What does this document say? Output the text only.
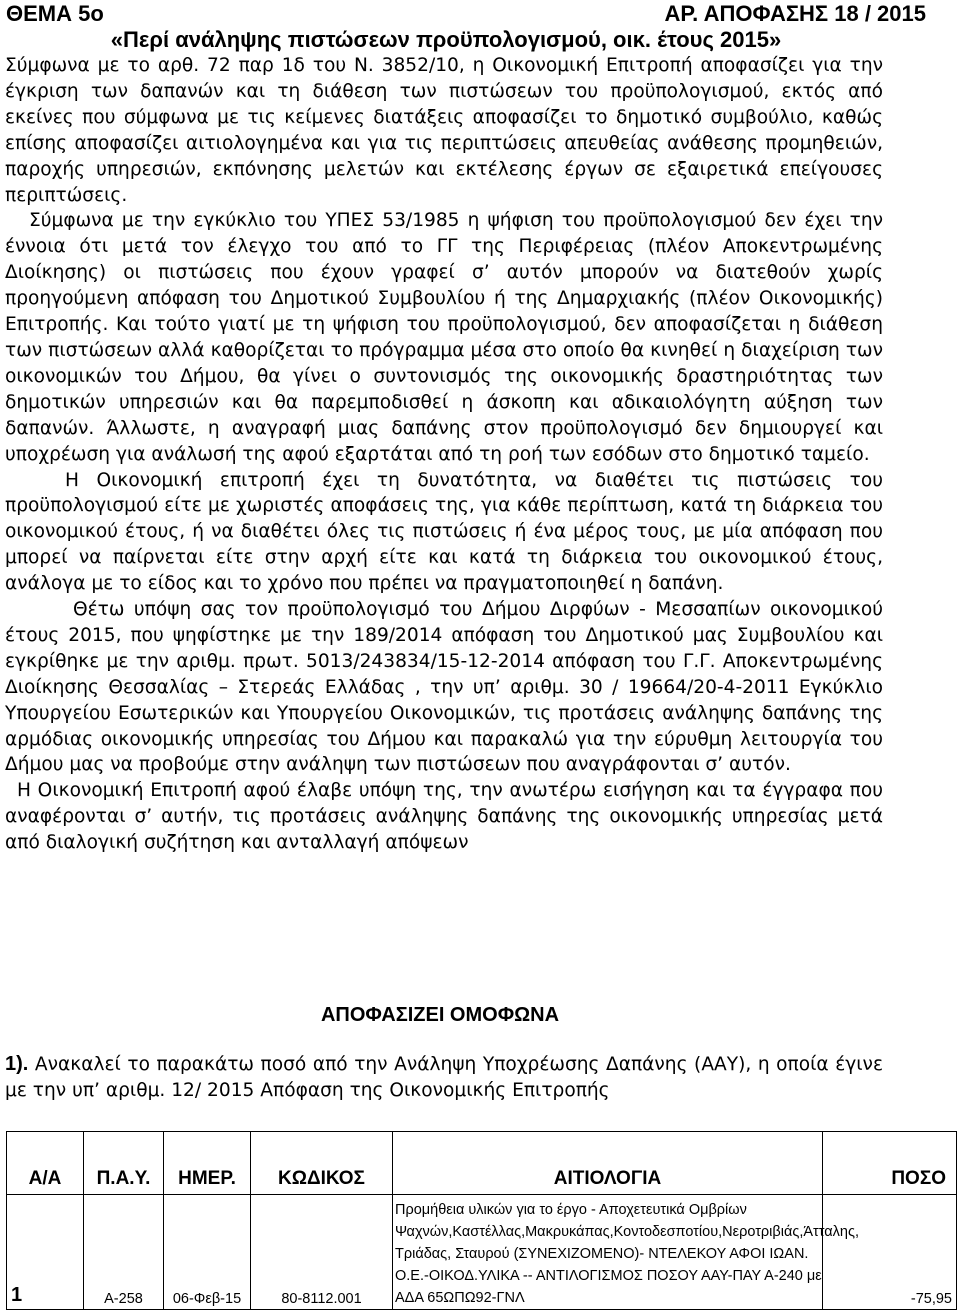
ΘΕΜΑ 5ο	ΑΡ. ΑΠΟΦΑΣΗΣ 18 / 2015
«Περί ανάληψης πιστώσεων προϋπολογισμού, οικ. έτους 2015»

Σύμφωνα με το αρθ. 72 παρ 1δ του Ν. 3852/10, η Οικονομική Επιτροπή αποφασίζει για την έγκριση των δαπανών και τη διάθεση των πιστώσεων του προϋπολογισμού, εκτός από εκείνες που σύμφωνα με τις κείμενες διατάξεις αποφασίζει το δημοτικό συμβούλιο, καθώς επίσης αποφασίζει αιτιολογημένα και για τις περιπτώσεις απευθείας ανάθεσης προμηθειών, παροχής υπηρεσιών, εκπόνησης μελετών και εκτέλεσης έργων σε εξαιρετικά επείγουσες περιπτώσεις.

Σύμφωνα με την εγκύκλιο του ΥΠΕΣ 53/1985 η ψήφιση του προϋπολογισμού δεν έχει την έννοια ότι μετά τον έλεγχο του από το ΓΓ της Περιφέρειας (πλέον Αποκεντρωμένης Διοίκησης) οι πιστώσεις που έχουν γραφεί σ’ αυτόν μπορούν να διατεθούν χωρίς προηγούμενη απόφαση του Δημοτικού Συμβουλίου ή της Δημαρχιακής (πλέον Οικονομικής) Επιτροπής. Και τούτο γιατί με τη ψήφιση του προϋπολογισμού, δεν αποφασίζεται η διάθεση των πιστώσεων αλλά καθορίζεται το πρόγραμμα μέσα στο οποίο θα κινηθεί η διαχείριση των οικονομικών του Δήμου, θα γίνει ο συντονισμός της οικονομικής δραστηριότητας των δημοτικών υπηρεσιών και θα παρεμποδισθεί η άσκοπη και αδικαιολόγητη αύξηση των δαπανών. Άλλωστε, η αναγραφή μιας δαπάνης στον προϋπολογισμό δεν δημιουργεί και υποχρέωση για ανάλωσή της αφού εξαρτάται από τη ροή των εσόδων στο δημοτικό ταμείο.

Η Οικονομική επιτροπή έχει τη δυνατότητα, να διαθέτει τις πιστώσεις του προϋπολογισμού είτε με χωριστές αποφάσεις της, για κάθε περίπτωση, κατά τη διάρκεια του οικονομικού έτους, ή να διαθέτει όλες τις πιστώσεις ή ένα μέρος τους, με μία απόφαση που μπορεί να παίρνεται είτε στην αρχή είτε και κατά τη διάρκεια του οικονομικού έτους, ανάλογα με το είδος και το χρόνο που πρέπει να πραγματοποιηθεί η δαπάνη.

Θέτω υπόψη σας τον προϋπολογισμό του Δήμου Διρφύων - Μεσσαπίων οικονομικού έτους 2015, που ψηφίστηκε με την 189/2014 απόφαση του Δημοτικού μας Συμβουλίου και εγκρίθηκε με την αριθμ. πρωτ. 5013/243834/15-12-2014 απόφαση του Γ.Γ. Αποκεντρωμένης Διοίκησης Θεσσαλίας – Στερεάς Ελλάδας , την υπ’ αριθμ. 30 / 19664/20-4-2011 Εγκύκλιο Υπουργείου Εσωτερικών και Υπουργείου Οικονομικών, τις προτάσεις ανάληψης δαπάνης της αρμόδιας οικονομικής υπηρεσίας του Δήμου και παρακαλώ για την εύρυθμη λειτουργία του Δήμου μας να προβούμε στην ανάληψη των πιστώσεων που αναγράφονται σ’ αυτόν.

Η Οικονομική Επιτροπή αφού έλαβε υπόψη της, την ανωτέρω εισήγηση και τα έγγραφα που αναφέρονται σ’ αυτήν, τις προτάσεις ανάληψης δαπάνης της οικονομικής υπηρεσίας μετά από διαλογική συζήτηση και ανταλλαγή απόψεων

ΑΠΟΦΑΣΙΖΕΙ ΟΜΟΦΩΝΑ
1). Ανακαλεί το παρακάτω ποσό από την Ανάληψη Υποχρέωσης Δαπάνης (ΑΑΥ), η οποία έγινε με την υπ’ αριθμ. 12/ 2015 Απόφαση της Οικονομικής Επιτροπής
Α/Α	Π.Α.Υ.	ΗΜΕΡ.	ΚΩΔΙΚΟΣ	ΑΙΤΙΟΛΟΓΙΑ	ΠΟΣΟ
1	Α-258	06-Φεβ-15	80-8112.001	Προμήθεια υλικών για το έργο - Αποχετευτικά Ομβρίων Ψαχνών,Καστέλλας,Μακρυκάπας,Κοντοδεσποτίου,Νεροτριβιάς,Άτταλης, Τριάδας, Σταυρού (ΣΥΝΕΧΙΖΟΜΕΝΟ)- ΝΤΕΛΕΚΟΥ ΑΦΟΙ ΙΩΑΝ. Ο.Ε.-ΟΙΚΟΔ.ΥΛΙΚΑ -- ΑΝΤΙΛΟΓΙΣΜΟΣ ΠΟΣΟΥ ΑΑΥ-ΠΑΥ Α-240 με ΑΔΑ 65ΩΠΩ92-ΓΝΛ	-75,95
